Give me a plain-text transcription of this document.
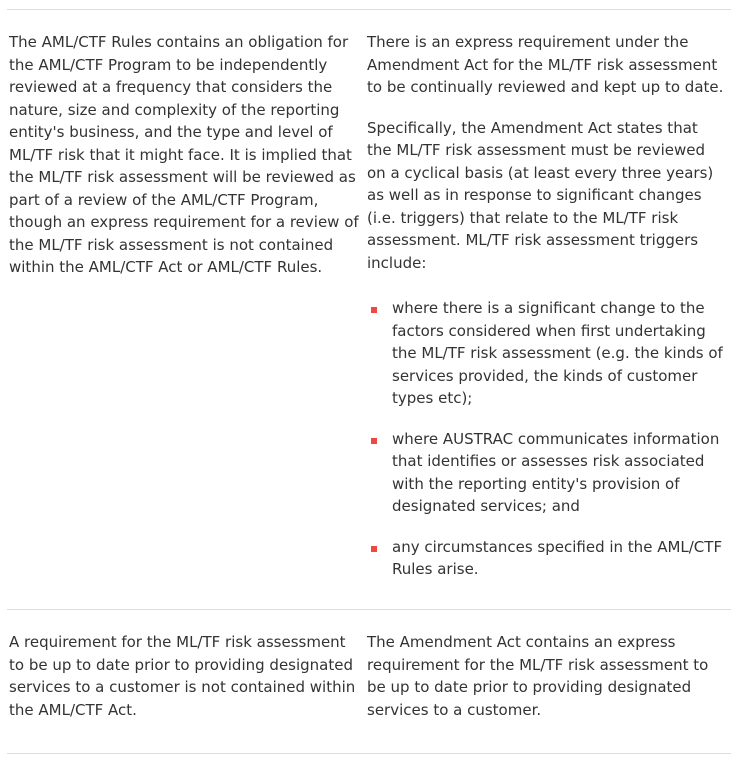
The AML/CTF Rules contains an obligation for the AML/CTF Program to be independently reviewed at a frequency that considers the nature, size and complexity of the reporting entity's business, and the type and level of ML/TF risk that it might face. It is implied that the ML/TF risk assessment will be reviewed as part of a review of the AML/CTF Program, though an express requirement for a review of the ML/TF risk assessment is not contained within the AML/CTF Act or AML/CTF Rules.

There is an express requirement under the Amendment Act for the ML/TF risk assessment to be continually reviewed and kept up to date.

Specifically, the Amendment Act states that the ML/TF risk assessment must be reviewed on a cyclical basis (at least every three years) as well as in response to significant changes (i.e. triggers) that relate to the ML/TF risk assessment. ML/TF risk assessment triggers include:

where there is a significant change to the factors considered when first undertaking the ML/TF risk assessment (e.g. the kinds of services provided, the kinds of customer types etc);
where AUSTRAC communicates information that identifies or assesses risk associated with the reporting entity's provision of designated services; and
any circumstances specified in the AML/CTF Rules arise.

A requirement for the ML/TF risk assessment to be up to date prior to providing designated services to a customer is not contained within the AML/CTF Act.

The Amendment Act contains an express requirement for the ML/TF risk assessment to be up to date prior to providing designated services to a customer.
